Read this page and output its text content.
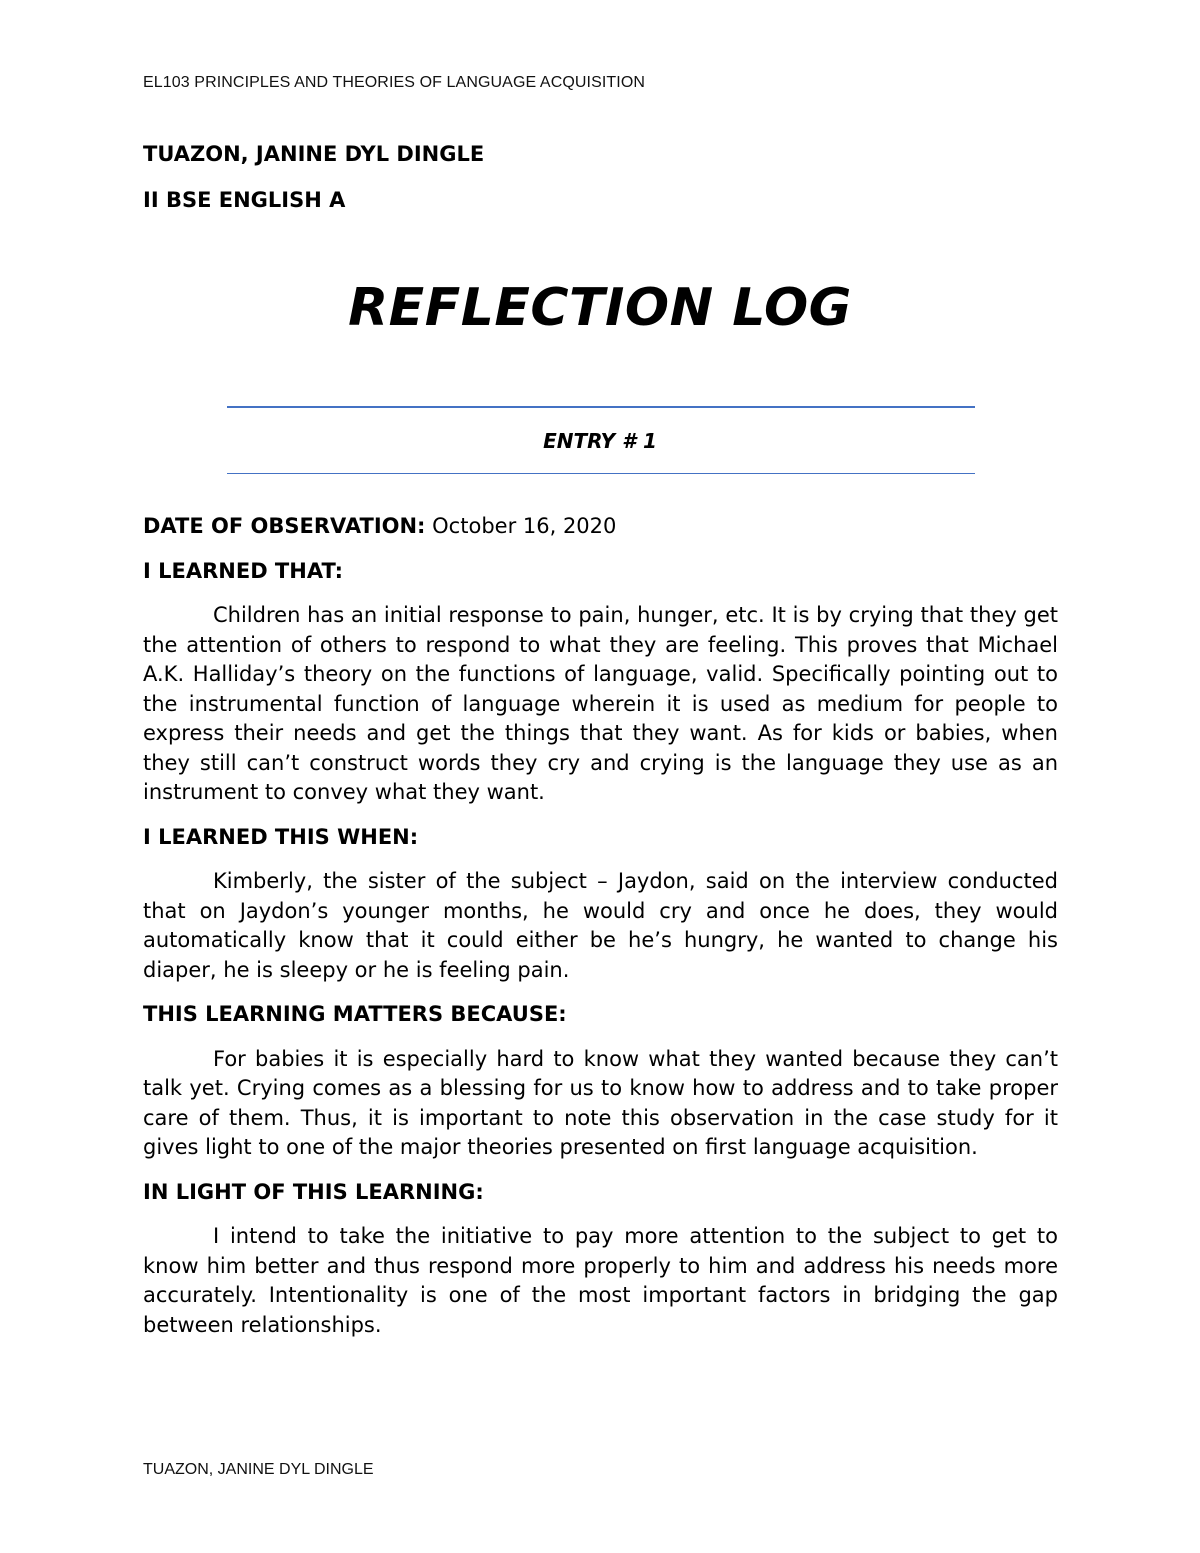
EL103 PRINCIPLES AND THEORIES OF LANGUAGE ACQUISITION
TUAZON, JANINE DYL DINGLE
II BSE ENGLISH A
REFLECTION LOG
ENTRY # 1

DATE OF OBSERVATION: October 16, 2020

I LEARNED THAT:

Children has an initial response to pain, hunger, etc. It is by crying that they get the attention of others to respond to what they are feeling. This proves that Michael A.K. Halliday’s theory on the functions of language, valid. Specifically pointing out to the instrumental function of language wherein it is used as medium for people to express their needs and get the things that they want. As for kids or babies, when they still can’t construct words they cry and crying is the language they use as an instrument to convey what they want.

I LEARNED THIS WHEN:

Kimberly, the sister of the subject – Jaydon, said on the interview conducted that on Jaydon’s younger months, he would cry and once he does, they would automatically know that it could either be he’s hungry, he wanted to change his diaper, he is sleepy or he is feeling pain.

THIS LEARNING MATTERS BECAUSE:

For babies it is especially hard to know what they wanted because they can’t talk yet. Crying comes as a blessing for us to know how to address and to take proper care of them. Thus, it is important to note this observation in the case study for it gives light to one of the major theories presented on first language acquisition.

IN LIGHT OF THIS LEARNING:

I intend to take the initiative to pay more attention to the subject to get to know him better and thus respond more properly to him and address his needs more accurately. Intentionality is one of the most important factors in bridging the gap between relationships.

TUAZON, JANINE DYL DINGLE
